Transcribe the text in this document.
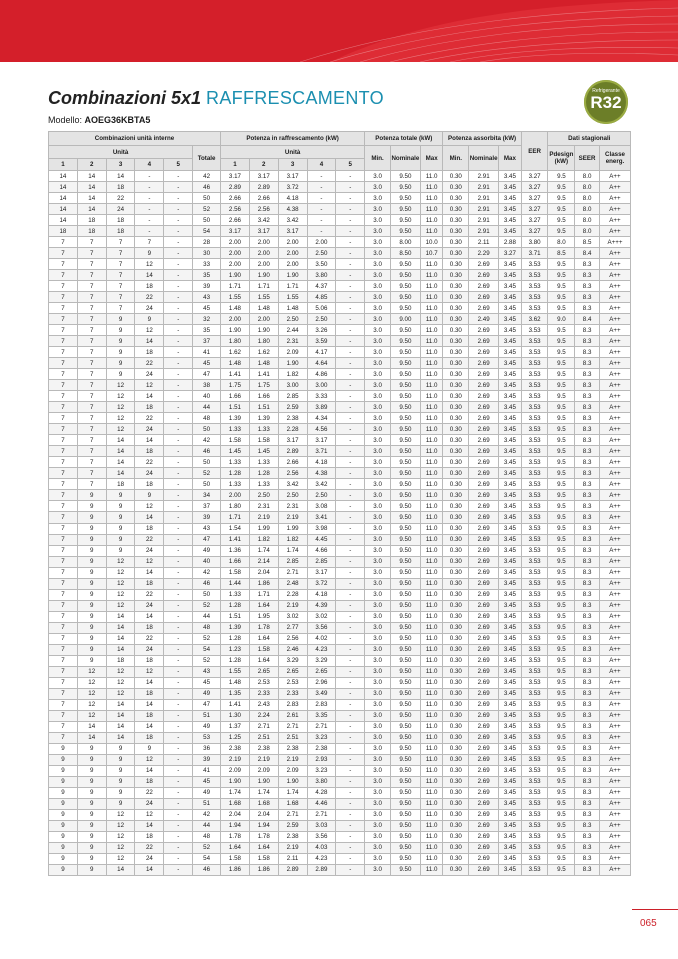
Combinazioni 5x1 RAFFRESCAMENTO
Modello: AOEG36KBTA5
Refrigerante
R32
Combinazioni unità interne						Potenza in raffrescamento (kW)					Potenza totale (kW)			Potenza assorbita (kW)			EER	Dati stagionali		
Unità					Totale	Unità					Min.	Nominale	Max	Min.	Nominale	Max		Pdesign (kW)	SEER	Classe energ.
1	2	3	4	5		1	2	3	4	5										
14	14	14	-	-	42	3.17	3.17	3.17	-	-	3.0	9.50	11.0	0.30	2.91	3.45	3.27	9.5	8.0	A++
14	14	18	-	-	46	2.89	2.89	3.72	-	-	3.0	9.50	11.0	0.30	2.91	3.45	3.27	9.5	8.0	A++
14	14	22	-	-	50	2.66	2.66	4.18	-	-	3.0	9.50	11.0	0.30	2.91	3.45	3.27	9.5	8.0	A++
14	14	24	-	-	52	2.56	2.56	4.38	-	-	3.0	9.50	11.0	0.30	2.91	3.45	3.27	9.5	8.0	A++
14	18	18	-	-	50	2.66	3.42	3.42	-	-	3.0	9.50	11.0	0.30	2.91	3.45	3.27	9.5	8.0	A++
18	18	18	-	-	54	3.17	3.17	3.17	-	-	3.0	9.50	11.0	0.30	2.91	3.45	3.27	9.5	8.0	A++
7	7	7	7	-	28	2.00	2.00	2.00	2.00	-	3.0	8.00	10.0	0.30	2.11	2.88	3.80	8.0	8.5	A+++
7	7	7	9	-	30	2.00	2.00	2.00	2.50	-	3.0	8.50	10.7	0.30	2.29	3.27	3.71	8.5	8.4	A++
7	7	7	12	-	33	2.00	2.00	2.00	3.50	-	3.0	9.50	11.0	0.30	2.69	3.45	3.53	9.5	8.3	A++
7	7	7	14	-	35	1.90	1.90	1.90	3.80	-	3.0	9.50	11.0	0.30	2.69	3.45	3.53	9.5	8.3	A++
7	7	7	18	-	39	1.71	1.71	1.71	4.37	-	3.0	9.50	11.0	0.30	2.69	3.45	3.53	9.5	8.3	A++
7	7	7	22	-	43	1.55	1.55	1.55	4.85	-	3.0	9.50	11.0	0.30	2.69	3.45	3.53	9.5	8.3	A++
7	7	7	24	-	45	1.48	1.48	1.48	5.06	-	3.0	9.50	11.0	0.30	2.69	3.45	3.53	9.5	8.3	A++
7	7	9	9	-	32	2.00	2.00	2.50	2.50	-	3.0	9.00	11.0	0.30	2.49	3.45	3.62	9.0	8.4	A++
7	7	9	12	-	35	1.90	1.90	2.44	3.26	-	3.0	9.50	11.0	0.30	2.69	3.45	3.53	9.5	8.3	A++
7	7	9	14	-	37	1.80	1.80	2.31	3.59	-	3.0	9.50	11.0	0.30	2.69	3.45	3.53	9.5	8.3	A++
7	7	9	18	-	41	1.62	1.62	2.09	4.17	-	3.0	9.50	11.0	0.30	2.69	3.45	3.53	9.5	8.3	A++
7	7	9	22	-	45	1.48	1.48	1.90	4.64	-	3.0	9.50	11.0	0.30	2.69	3.45	3.53	9.5	8.3	A++
7	7	9	24	-	47	1.41	1.41	1.82	4.86	-	3.0	9.50	11.0	0.30	2.69	3.45	3.53	9.5	8.3	A++
7	7	12	12	-	38	1.75	1.75	3.00	3.00	-	3.0	9.50	11.0	0.30	2.69	3.45	3.53	9.5	8.3	A++
7	7	12	14	-	40	1.66	1.66	2.85	3.33	-	3.0	9.50	11.0	0.30	2.69	3.45	3.53	9.5	8.3	A++
7	7	12	18	-	44	1.51	1.51	2.59	3.89	-	3.0	9.50	11.0	0.30	2.69	3.45	3.53	9.5	8.3	A++
7	7	12	22	-	48	1.39	1.39	2.38	4.34	-	3.0	9.50	11.0	0.30	2.69	3.45	3.53	9.5	8.3	A++
7	7	12	24	-	50	1.33	1.33	2.28	4.56	-	3.0	9.50	11.0	0.30	2.69	3.45	3.53	9.5	8.3	A++
7	7	14	14	-	42	1.58	1.58	3.17	3.17	-	3.0	9.50	11.0	0.30	2.69	3.45	3.53	9.5	8.3	A++
7	7	14	18	-	46	1.45	1.45	2.89	3.71	-	3.0	9.50	11.0	0.30	2.69	3.45	3.53	9.5	8.3	A++
7	7	14	22	-	50	1.33	1.33	2.66	4.18	-	3.0	9.50	11.0	0.30	2.69	3.45	3.53	9.5	8.3	A++
7	7	14	24	-	52	1.28	1.28	2.56	4.38	-	3.0	9.50	11.0	0.30	2.69	3.45	3.53	9.5	8.3	A++
7	7	18	18	-	50	1.33	1.33	3.42	3.42	-	3.0	9.50	11.0	0.30	2.69	3.45	3.53	9.5	8.3	A++
7	9	9	9	-	34	2.00	2.50	2.50	2.50	-	3.0	9.50	11.0	0.30	2.69	3.45	3.53	9.5	8.3	A++
7	9	9	12	-	37	1.80	2.31	2.31	3.08	-	3.0	9.50	11.0	0.30	2.69	3.45	3.53	9.5	8.3	A++
7	9	9	14	-	39	1.71	2.19	2.19	3.41	-	3.0	9.50	11.0	0.30	2.69	3.45	3.53	9.5	8.3	A++
7	9	9	18	-	43	1.54	1.99	1.99	3.98	-	3.0	9.50	11.0	0.30	2.69	3.45	3.53	9.5	8.3	A++
7	9	9	22	-	47	1.41	1.82	1.82	4.45	-	3.0	9.50	11.0	0.30	2.69	3.45	3.53	9.5	8.3	A++
7	9	9	24	-	49	1.36	1.74	1.74	4.66	-	3.0	9.50	11.0	0.30	2.69	3.45	3.53	9.5	8.3	A++
7	9	12	12	-	40	1.66	2.14	2.85	2.85	-	3.0	9.50	11.0	0.30	2.69	3.45	3.53	9.5	8.3	A++
7	9	12	14	-	42	1.58	2.04	2.71	3.17	-	3.0	9.50	11.0	0.30	2.69	3.45	3.53	9.5	8.3	A++
7	9	12	18	-	46	1.44	1.86	2.48	3.72	-	3.0	9.50	11.0	0.30	2.69	3.45	3.53	9.5	8.3	A++
7	9	12	22	-	50	1.33	1.71	2.28	4.18	-	3.0	9.50	11.0	0.30	2.69	3.45	3.53	9.5	8.3	A++
7	9	12	24	-	52	1.28	1.64	2.19	4.39	-	3.0	9.50	11.0	0.30	2.69	3.45	3.53	9.5	8.3	A++
7	9	14	14	-	44	1.51	1.95	3.02	3.02	-	3.0	9.50	11.0	0.30	2.69	3.45	3.53	9.5	8.3	A++
7	9	14	18	-	48	1.39	1.78	2.77	3.56	-	3.0	9.50	11.0	0.30	2.69	3.45	3.53	9.5	8.3	A++
7	9	14	22	-	52	1.28	1.64	2.56	4.02	-	3.0	9.50	11.0	0.30	2.69	3.45	3.53	9.5	8.3	A++
7	9	14	24	-	54	1.23	1.58	2.46	4.23	-	3.0	9.50	11.0	0.30	2.69	3.45	3.53	9.5	8.3	A++
7	9	18	18	-	52	1.28	1.64	3.29	3.29	-	3.0	9.50	11.0	0.30	2.69	3.45	3.53	9.5	8.3	A++
7	12	12	12	-	43	1.55	2.65	2.65	2.65	-	3.0	9.50	11.0	0.30	2.69	3.45	3.53	9.5	8.3	A++
7	12	12	14	-	45	1.48	2.53	2.53	2.96	-	3.0	9.50	11.0	0.30	2.69	3.45	3.53	9.5	8.3	A++
7	12	12	18	-	49	1.35	2.33	2.33	3.49	-	3.0	9.50	11.0	0.30	2.69	3.45	3.53	9.5	8.3	A++
7	12	14	14	-	47	1.41	2.43	2.83	2.83	-	3.0	9.50	11.0	0.30	2.69	3.45	3.53	9.5	8.3	A++
7	12	14	18	-	51	1.30	2.24	2.61	3.35	-	3.0	9.50	11.0	0.30	2.69	3.45	3.53	9.5	8.3	A++
7	14	14	14	-	49	1.37	2.71	2.71	2.71	-	3.0	9.50	11.0	0.30	2.69	3.45	3.53	9.5	8.3	A++
7	14	14	18	-	53	1.25	2.51	2.51	3.23	-	3.0	9.50	11.0	0.30	2.69	3.45	3.53	9.5	8.3	A++
9	9	9	9	-	36	2.38	2.38	2.38	2.38	-	3.0	9.50	11.0	0.30	2.69	3.45	3.53	9.5	8.3	A++
9	9	9	12	-	39	2.19	2.19	2.19	2.93	-	3.0	9.50	11.0	0.30	2.69	3.45	3.53	9.5	8.3	A++
9	9	9	14	-	41	2.09	2.09	2.09	3.23	-	3.0	9.50	11.0	0.30	2.69	3.45	3.53	9.5	8.3	A++
9	9	9	18	-	45	1.90	1.90	1.90	3.80	-	3.0	9.50	11.0	0.30	2.69	3.45	3.53	9.5	8.3	A++
9	9	9	22	-	49	1.74	1.74	1.74	4.28	-	3.0	9.50	11.0	0.30	2.69	3.45	3.53	9.5	8.3	A++
9	9	9	24	-	51	1.68	1.68	1.68	4.46	-	3.0	9.50	11.0	0.30	2.69	3.45	3.53	9.5	8.3	A++
9	9	12	12	-	42	2.04	2.04	2.71	2.71	-	3.0	9.50	11.0	0.30	2.69	3.45	3.53	9.5	8.3	A++
9	9	12	14	-	44	1.94	1.94	2.59	3.03	-	3.0	9.50	11.0	0.30	2.69	3.45	3.53	9.5	8.3	A++
9	9	12	18	-	48	1.78	1.78	2.38	3.56	-	3.0	9.50	11.0	0.30	2.69	3.45	3.53	9.5	8.3	A++
9	9	12	22	-	52	1.64	1.64	2.19	4.03	-	3.0	9.50	11.0	0.30	2.69	3.45	3.53	9.5	8.3	A++
9	9	12	24	-	54	1.58	1.58	2.11	4.23	-	3.0	9.50	11.0	0.30	2.69	3.45	3.53	9.5	8.3	A++
9	9	14	14	-	46	1.86	1.86	2.89	2.89	-	3.0	9.50	11.0	0.30	2.69	3.45	3.53	9.5	8.3	A++
065
